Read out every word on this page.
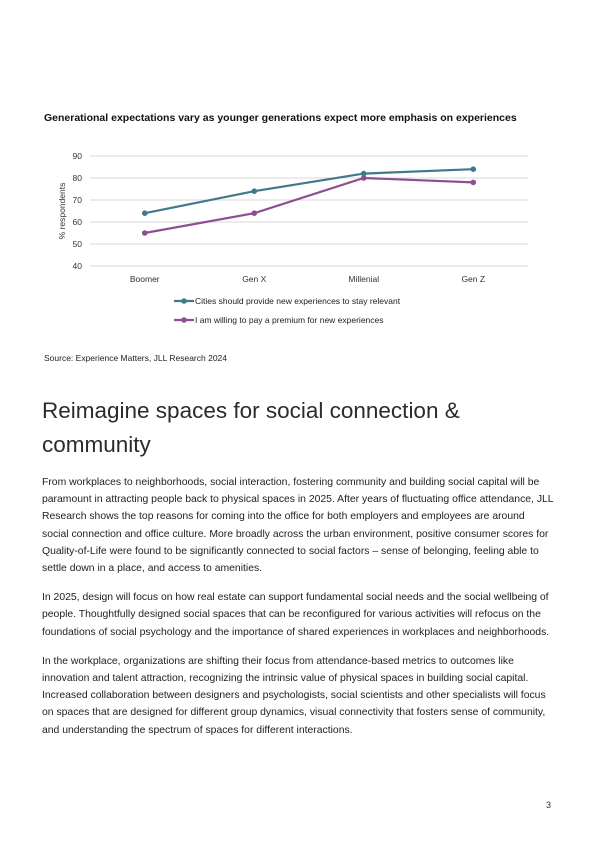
Generational expectations vary as younger generations expect more emphasis on experiences
40
50
60
70
80
90
% respondents
Boomer	Gen X	Millenial	Gen Z
Cities should provide new experiences to stay relevant
I am willing to pay a premium for new experiences
Source: Experience Matters, JLL Research 2024
Reimagine spaces for social connection & community

From workplaces to neighborhoods, social interaction, fostering community and building social capital will be paramount in attracting people back to physical spaces in 2025. After years of fluctuating office attendance, JLL Research shows the top reasons for coming into the office for both employers and employees are around social connection and office culture. More broadly across the urban environment, positive consumer scores for Quality-of-Life were found to be significantly connected to social factors – sense of belonging, feeling able to settle down in a place, and access to amenities.

In 2025, design will focus on how real estate can support fundamental social needs and the social wellbeing of people. Thoughtfully designed social spaces that can be reconfigured for various activities will refocus on the foundations of social psychology and the importance of shared experiences in workplaces and neighborhoods.

In the workplace, organizations are shifting their focus from attendance-based metrics to outcomes like innovation and talent attraction, recognizing the intrinsic value of physical spaces in building social capital. Increased collaboration between designers and psychologists, social scientists and other specialists will focus on spaces that are designed for different group dynamics, visual connectivity that fosters sense of community, and understanding the spectrum of spaces for different interactions.

3
